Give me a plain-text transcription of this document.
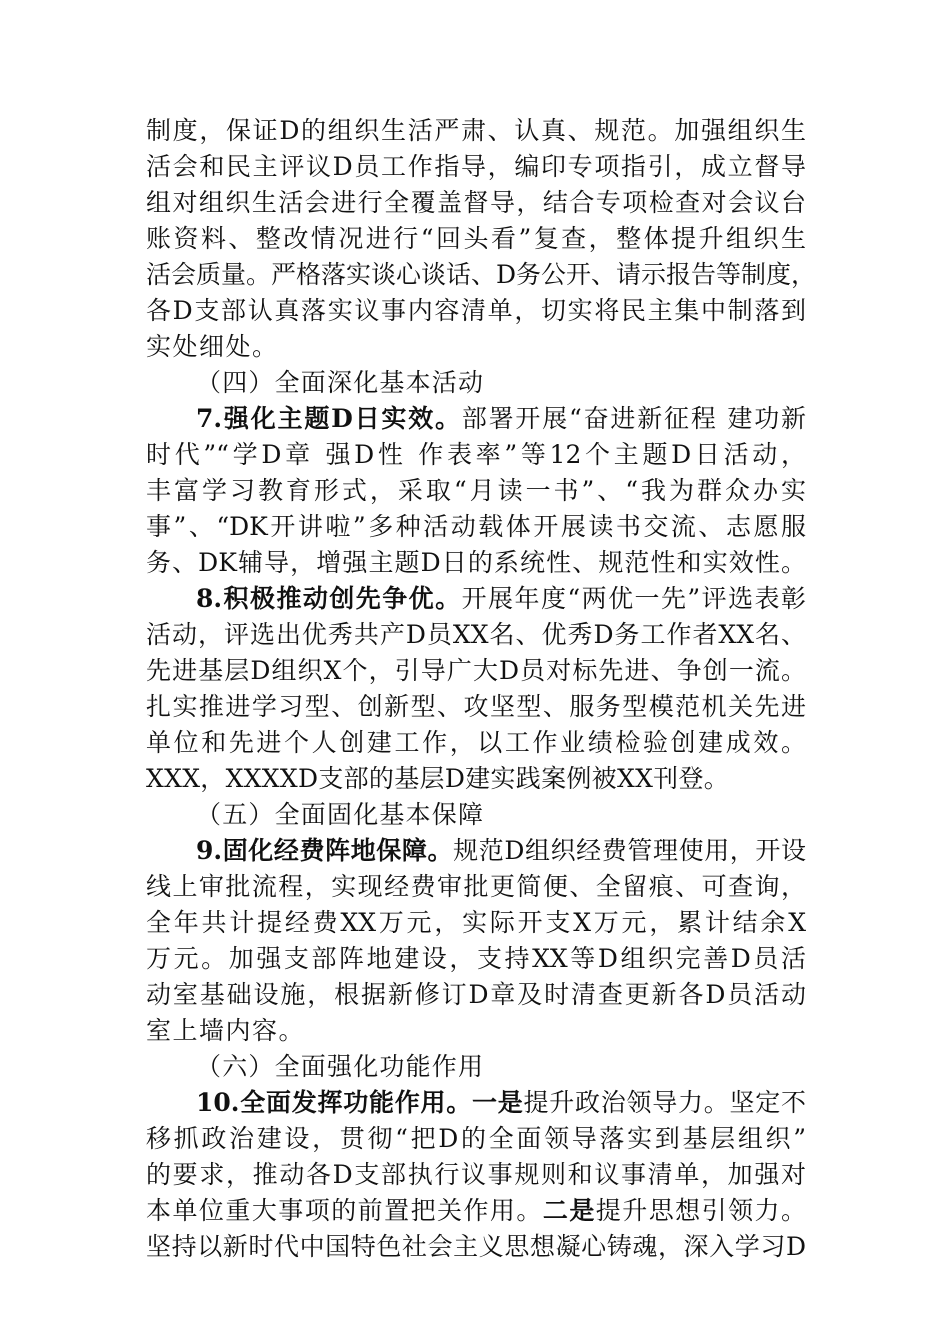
制度，保证D的组织生活严肃、认真、规范。加强组织生
活会和民主评议D员工作指导，编印专项指引，成立督导
组对组织生活会进行全覆盖督导，结合专项检查对会议台
账资料、整改情况进行“回头看”复查，整体提升组织生
活会质量。严格落实谈心谈话、D务公开、请示报告等制度，
各D支部认真落实议事内容清单，切实将民主集中制落到
实处细处。
（四）全面深化基本活动
7.强化主题D日实效。部署开展“奋进新征程 建功新
时代”“学D章 强D性 作表率”等12个主题D日活动，
丰富学习教育形式，采取“月读一书”、“我为群众办实
事”、“DK开讲啦”多种活动载体开展读书交流、志愿服
务、DK辅导，增强主题D日的系统性、规范性和实效性。
8.积极推动创先争优。开展年度“两优一先”评选表彰
活动，评选出优秀共产D员XX名、优秀D务工作者XX名、
先进基层D组织X个，引导广大D员对标先进、争创一流。
扎实推进学习型、创新型、攻坚型、服务型模范机关先进
单位和先进个人创建工作，以工作业绩检验创建成效。
XXX，XXXXD支部的基层D建实践案例被XX刊登。
（五）全面固化基本保障
9.固化经费阵地保障。规范D组织经费管理使用，开设
线上审批流程，实现经费审批更简便、全留痕、可查询，
全年共计提经费XX万元，实际开支X万元，累计结余X
万元。加强支部阵地建设，支持XX等D组织完善D员活
动室基础设施，根据新修订D章及时清查更新各D员活动
室上墙内容。
（六）全面强化功能作用
10.全面发挥功能作用。一是提升政治领导力。坚定不
移抓政治建设，贯彻“把D的全面领导落实到基层组织”
的要求，推动各D支部执行议事规则和议事清单，加强对
本单位重大事项的前置把关作用。二是提升思想引领力。
坚持以新时代中国特色社会主义思想凝心铸魂，深入学习D
